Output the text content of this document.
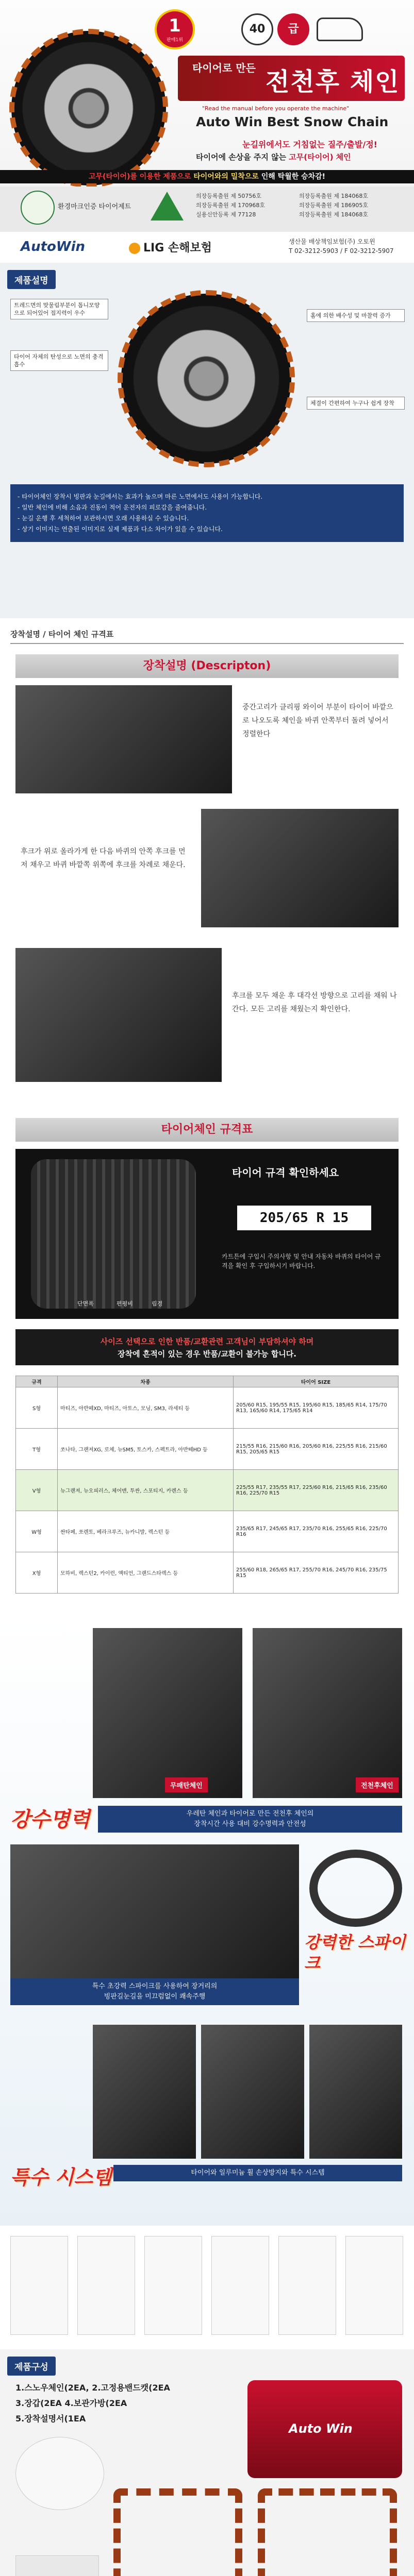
1
판매1위
40	급
타이어로 만든 전천후 체인
"Read the manual before you operate the machine"
Auto Win Best Snow Chain
눈길위에서도 거침없는 질주/출발/정!
타이어에 손상을 주지 않는 고무(타이어) 체인
고무(타이어)를 이용한 제품으로 타이어와의 밀착으로 인해 탁월한 승차감!
환경마크인증 타이어제트
의장등록출원 제 50756호
의장등록출원 제 170968호
실용신안등록 제 77128
의장등록출원 제 184068호
의장등록출원 제 186905호
의장등록출원 제 184068호
AutoWin	LIG 손해보험	생산물 배상책임보험(주) 오토윈
T 02-3212-5903 / F 02-3212-5907
제품설명
트레드면의 맞물림부분이 톱니모양으로 되어있어 접지력이 우수
타이어 자체의 탄성으로 노면의 충격 흡수
홈에 의한 배수성 및 마찰력 증가
체결이 간편하여 누구나 쉽게 장착
- 타이어체인 장착시 빙판과 눈길에서는 효과가 높으며 마른 노면에서도 사용이 가능합니다.
- 일반 체인에 비해 소음과 진동이 적어 운전자의 피로감을 줄여줍니다.
- 눈길 운행 후 세척하여 보관하시면 오래 사용하실 수 있습니다.
- 상기 이미지는 연출된 이미지로 실제 제품과 다소 차이가 있을 수 있습니다.
장착설명 / 타이어 체인 규격표
장착설명 (Descripton)
중간고리가 클리핑 와이어 부분이 타이어 바깥으로 나오도록 체인을 바퀴 안쪽부터 돌려 넣어서 정렬한다
후크가 위로 올라가게 한 다음 바퀴의 안쪽 후크를 먼저 채우고 바퀴 바깥쪽 위쪽에 후크를 차례로 채운다.
후크를 모두 채운 후 대각선 방향으로 고리를 채워 나간다. 모든 고리를 채웠는지 확인한다.
타이어체인 규격표
단면폭	편평비	림경
타이어 규격 확인하세요
205/65 R 15
카트튼에 구입시 주의사항 및 안내 자동차 바퀴의 타이어 규격을 확인 후 구입하시기 바랍니다.
사이즈 선택으로 인한 반품/교환관련 고객님이 부담하셔야 하며
장착에 흔적이 있는 경우 반품/교환이 불가능 합니다.
규격	차종	타이어 SIZE
S형	마티즈, 아반떼XD, 마티즈, 아토스, 모닝, SM3, 라세티 등	205/60 R15, 195/55 R15, 195/60 R15, 185/65 R14, 175/70 R13, 165/60 R14, 175/65 R14
T형	쏘나타, 그랜져XG, 로체, 뉴SM5, 토스카, 스펙트라, 아반떼HD 등	215/55 R16, 215/60 R16, 205/60 R16, 225/55 R16, 215/60 R15, 205/65 R15
V형	뉴그랜져, 뉴오피러스, 체어맨, 투싼, 스포티지, 카렌스 등	225/55 R17, 235/55 R17, 225/60 R16, 215/65 R16, 235/60 R16, 225/70 R15
W형	싼타페, 쏘렌토, 베라크루즈, 뉴카니발, 렉스턴 등	235/65 R17, 245/65 R17, 235/70 R16, 255/65 R16, 225/70 R16
X형	모하비, 렉스턴2, 카이런, 액티언, 그랜드스타렉스 등	255/60 R18, 265/65 R17, 255/70 R16, 245/70 R16, 235/75 R15
무패탄체인	전천후체인
강수명력	우레탄 체인과 타이어로 만든 전천후 체인의
장착시간 사용 대비 강수명력과 안전성
특수 초강력 스파이크를 사용하여 장거리의
빙판길눈길을 미끄럼없이 쾌속주행
강력한 스파이크
특수 시스템	타이어와 일루미늄 휠 손상방지와 특수 시스템
제품구성
1.스노우체인(2EA, 2.고정용밴드캣(2EA
3.장갑(2EA 4.보관가방(2EA
5.장착설명서(1EA
Auto Win
